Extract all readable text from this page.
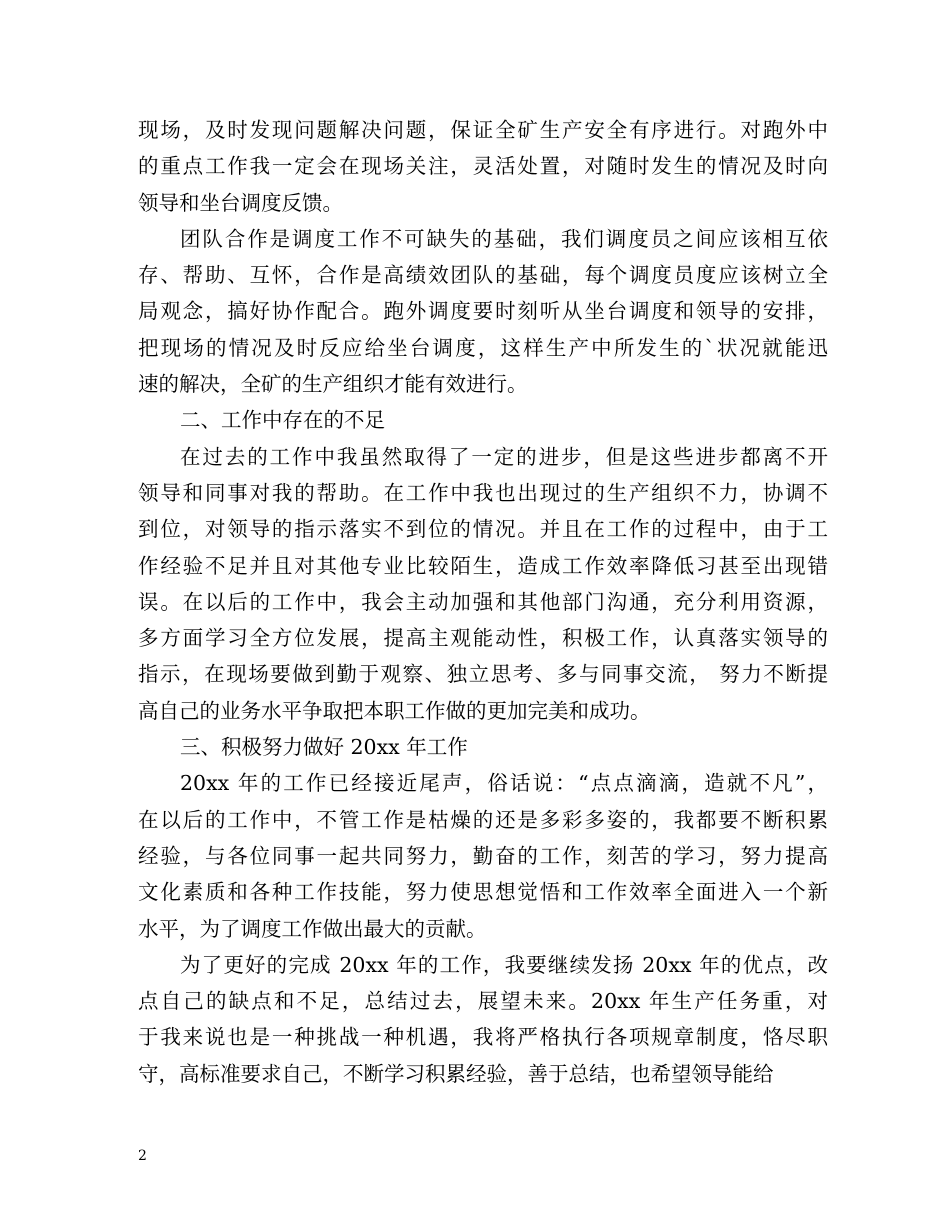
现场，及时发现问题解决问题，保证全矿生产安全有序进行。对跑外中
的重点工作我一定会在现场关注，灵活处置，对随时发生的情况及时向
领导和坐台调度反馈。
团队合作是调度工作不可缺失的基础，我们调度员之间应该相互依
存、帮助、互怀，合作是高绩效团队的基础，每个调度员度应该树立全
局观念，搞好协作配合。跑外调度要时刻听从坐台调度和领导的安排，
把现场的情况及时反应给坐台调度，这样生产中所发生的`状况就能迅
速的解决，全矿的生产组织才能有效进行。
二、工作中存在的不足
在过去的工作中我虽然取得了一定的进步，但是这些进步都离不开
领导和同事对我的帮助。在工作中我也出现过的生产组织不力，协调不
到位，对领导的指示落实不到位的情况。并且在工作的过程中，由于工
作经验不足并且对其他专业比较陌生，造成工作效率降低习甚至出现错
误。在以后的工作中，我会主动加强和其他部门沟通，充分利用资源，
多方面学习全方位发展，提高主观能动性，积极工作，认真落实领导的
指示，在现场要做到勤于观察、独立思考、多与同事交流， 努力不断提
高自己的业务水平争取把本职工作做的更加完美和成功。
三、积极努力做好 20xx 年工作
20xx 年的工作已经接近尾声，俗话说：“点点滴滴，造就不凡”，
在以后的工作中，不管工作是枯燥的还是多彩多姿的，我都要不断积累
经验，与各位同事一起共同努力，勤奋的工作，刻苦的学习，努力提高
文化素质和各种工作技能，努力使思想觉悟和工作效率全面进入一个新
水平，为了调度工作做出最大的贡献。
为了更好的完成 20xx 年的工作，我要继续发扬 20xx 年的优点，改
点自己的缺点和不足，总结过去，展望未来。20xx 年生产任务重，对
于我来说也是一种挑战一种机遇，我将严格执行各项规章制度，恪尽职
守，高标准要求自己，不断学习积累经验，善于总结，也希望领导能给
2
